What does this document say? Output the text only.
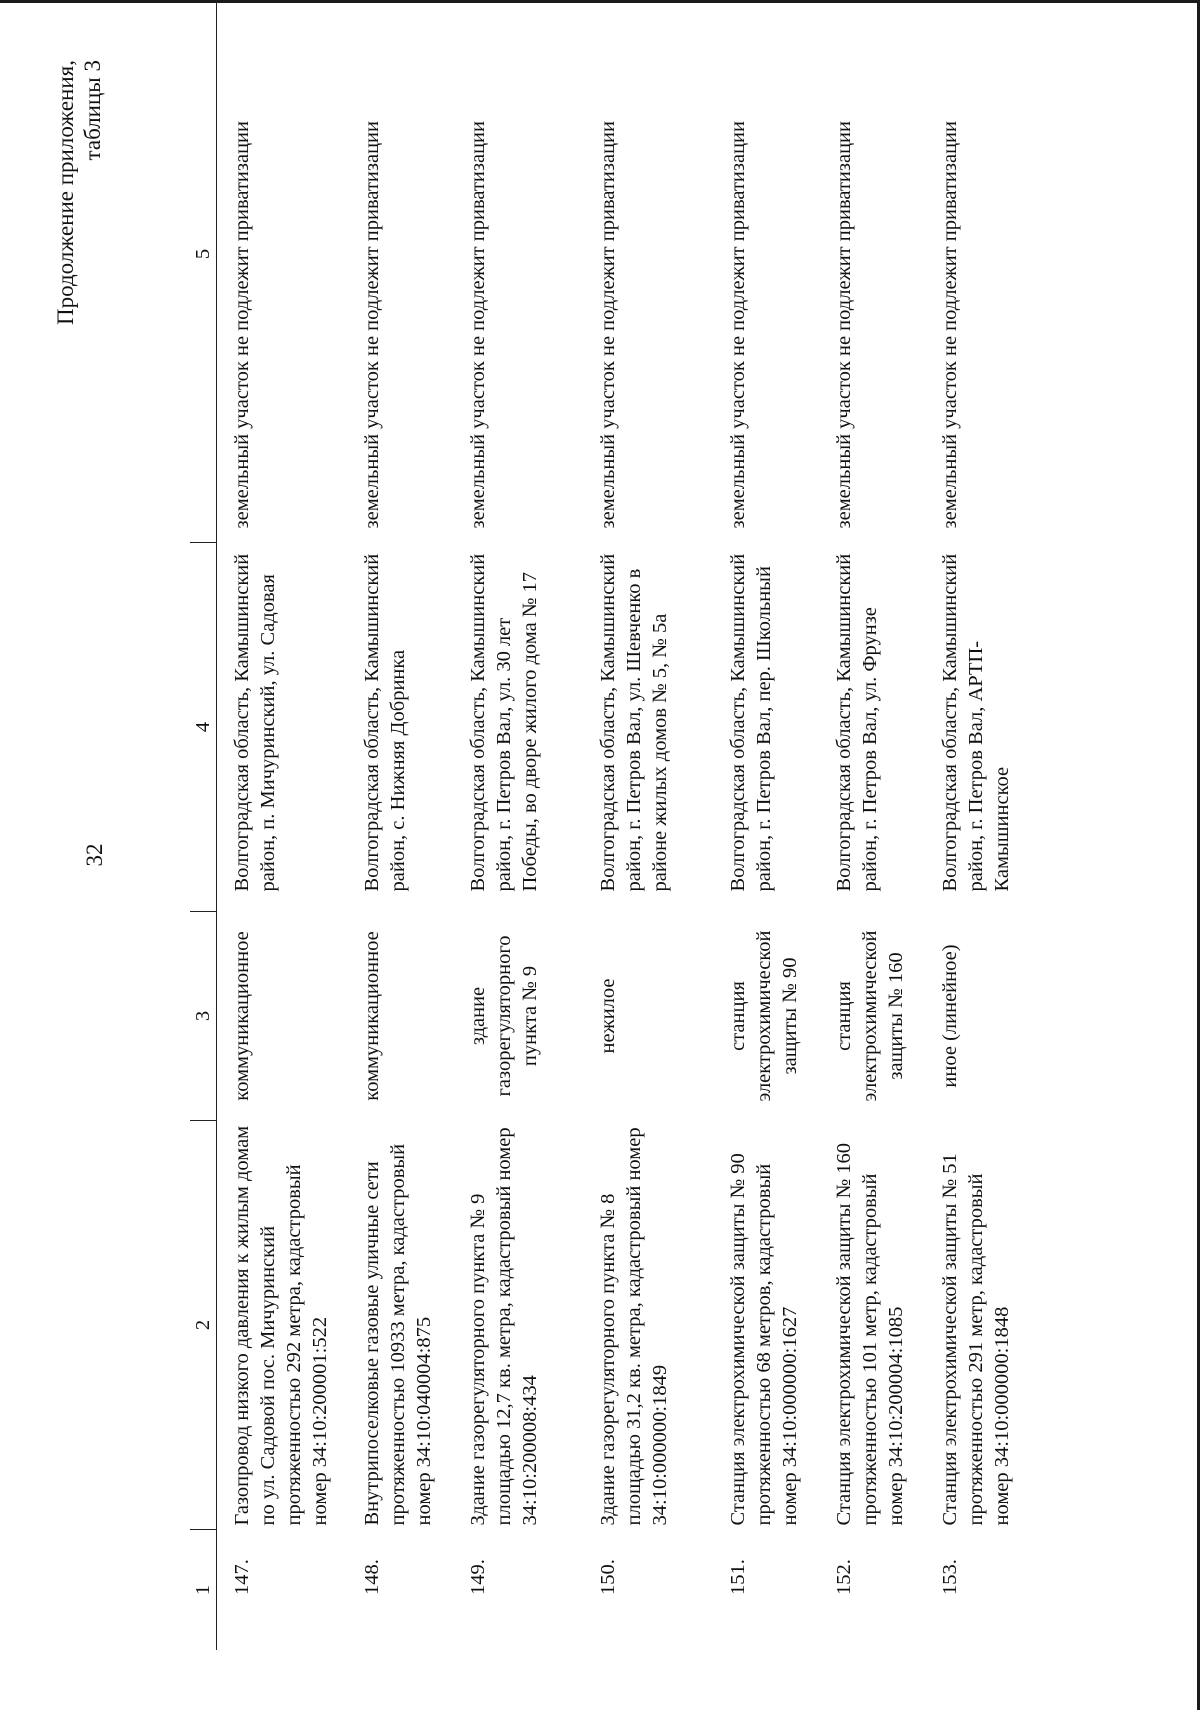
32
Продолжение приложения, таблицы 3
1	2	3	4	5
147.	Газопровод низкого давления к жилым домам по ул. Садовой пос. Мичуринский протяженностью 292 метра, кадастровый номер 34:10:200001:522	коммуникационное	Волгоградская область, Камышинский район, п. Мичуринский, ул. Садовая	земельный участок не подлежит приватизации
148.	Внутрипоселковые газовые уличные сети протяженностью 10933 метра, кадастровый номер 34:10:040004:875	коммуникационное	Волгоградская область, Камышинский район, с. Нижняя Добринка	земельный участок не подлежит приватизации
149.	Здание газорегуляторного пункта № 9 площадью 12,7 кв. метра, кадастровый номер 34:10:200008:434	здание газорегуляторного пункта № 9	Волгоградская область, Камышинский район, г. Петров Вал, ул. 30 лет Победы, во дворе жилого дома № 17	земельный участок не подлежит приватизации
150.	Здание газорегуляторного пункта № 8 площадью 31,2 кв. метра, кадастровый номер 34:10:000000:1849	нежилое	Волгоградская область, Камышинский район, г. Петров Вал, ул. Шевченко в районе жилых домов № 5, № 5а	земельный участок не подлежит приватизации
151.	Станция электрохимической защиты № 90 протяженностью 68 метров, кадастровый номер 34:10:000000:1627	станция электрохимической защиты № 90	Волгоградская область, Камышинский район, г. Петров Вал, пер. Школьный	земельный участок не подлежит приватизации
152.	Станция электрохимической защиты № 160 протяженностью 101 метр, кадастровый номер 34:10:200004:1085	станция электрохимической защиты № 160	Волгоградская область, Камышинский район, г. Петров Вал, ул. Фрунзе	земельный участок не подлежит приватизации
153.	Станция электрохимической защиты № 51 протяженностью 291 метр, кадастровый номер 34:10:000000:1848	иное (линейное)	Волгоградская область, Камышинский район, г. Петров Вал, АРТП-Камышинское	земельный участок не подлежит приватизации
